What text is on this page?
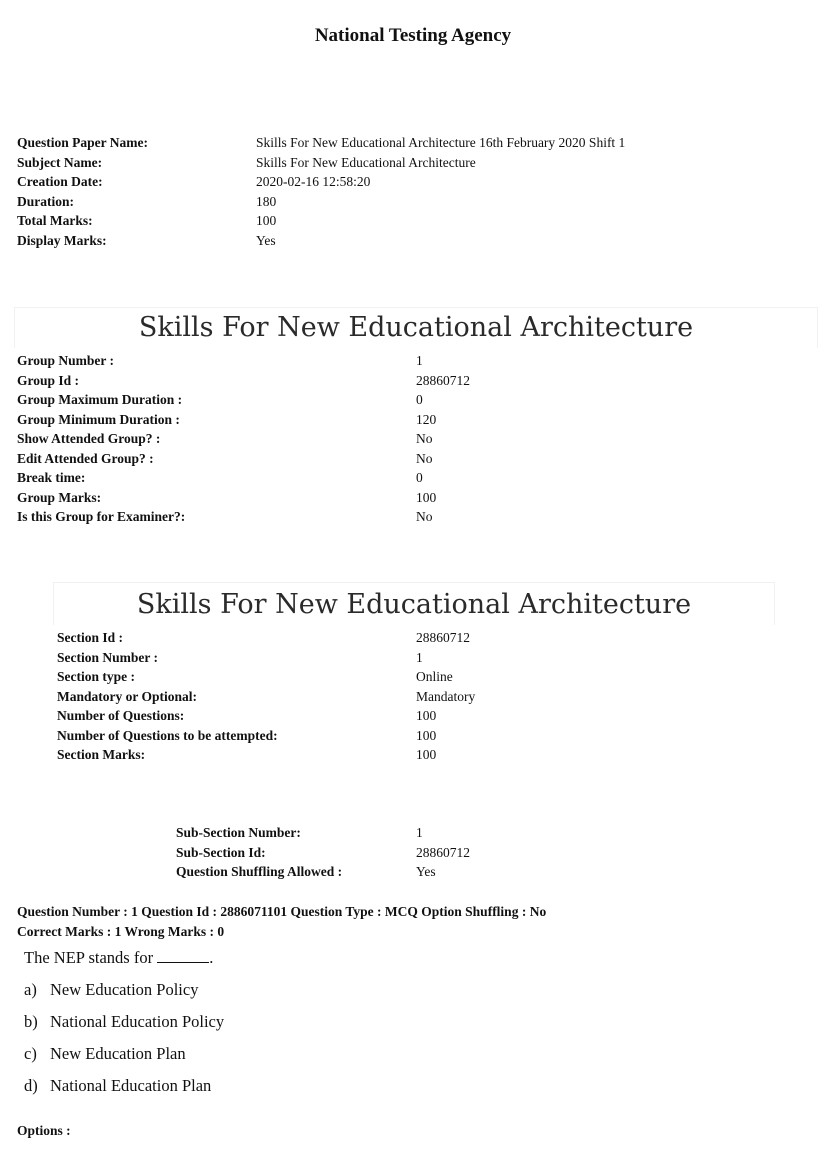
National Testing Agency
Question Paper Name:	Skills For New Educational Architecture 16th February 2020 Shift 1
Subject Name:	Skills For New Educational Architecture
Creation Date:	2020-02-16 12:58:20
Duration:	180
Total Marks:	100
Display Marks:	Yes
Skills For New Educational Architecture
Group Number :	1
Group Id :	28860712
Group Maximum Duration :	0
Group Minimum Duration :	120
Show Attended Group? :	No
Edit Attended Group? :	No
Break time:	0
Group Marks:	100
Is this Group for Examiner?:	No
Skills For New Educational Architecture
Section Id :	28860712
Section Number :	1
Section type :	Online
Mandatory or Optional:	Mandatory
Number of Questions:	100
Number of Questions to be attempted:	100
Section Marks:	100
Sub-Section Number:	1
Sub-Section Id:	28860712
Question Shuffling Allowed :	Yes
Question Number : 1 Question Id : 2886071101 Question Type : MCQ Option Shuffling : No
Correct Marks : 1 Wrong Marks : 0
The NEP stands for	.
a) New Education Policy
b) National Education Policy
c) New Education Plan
d) National Education Plan
Options :
